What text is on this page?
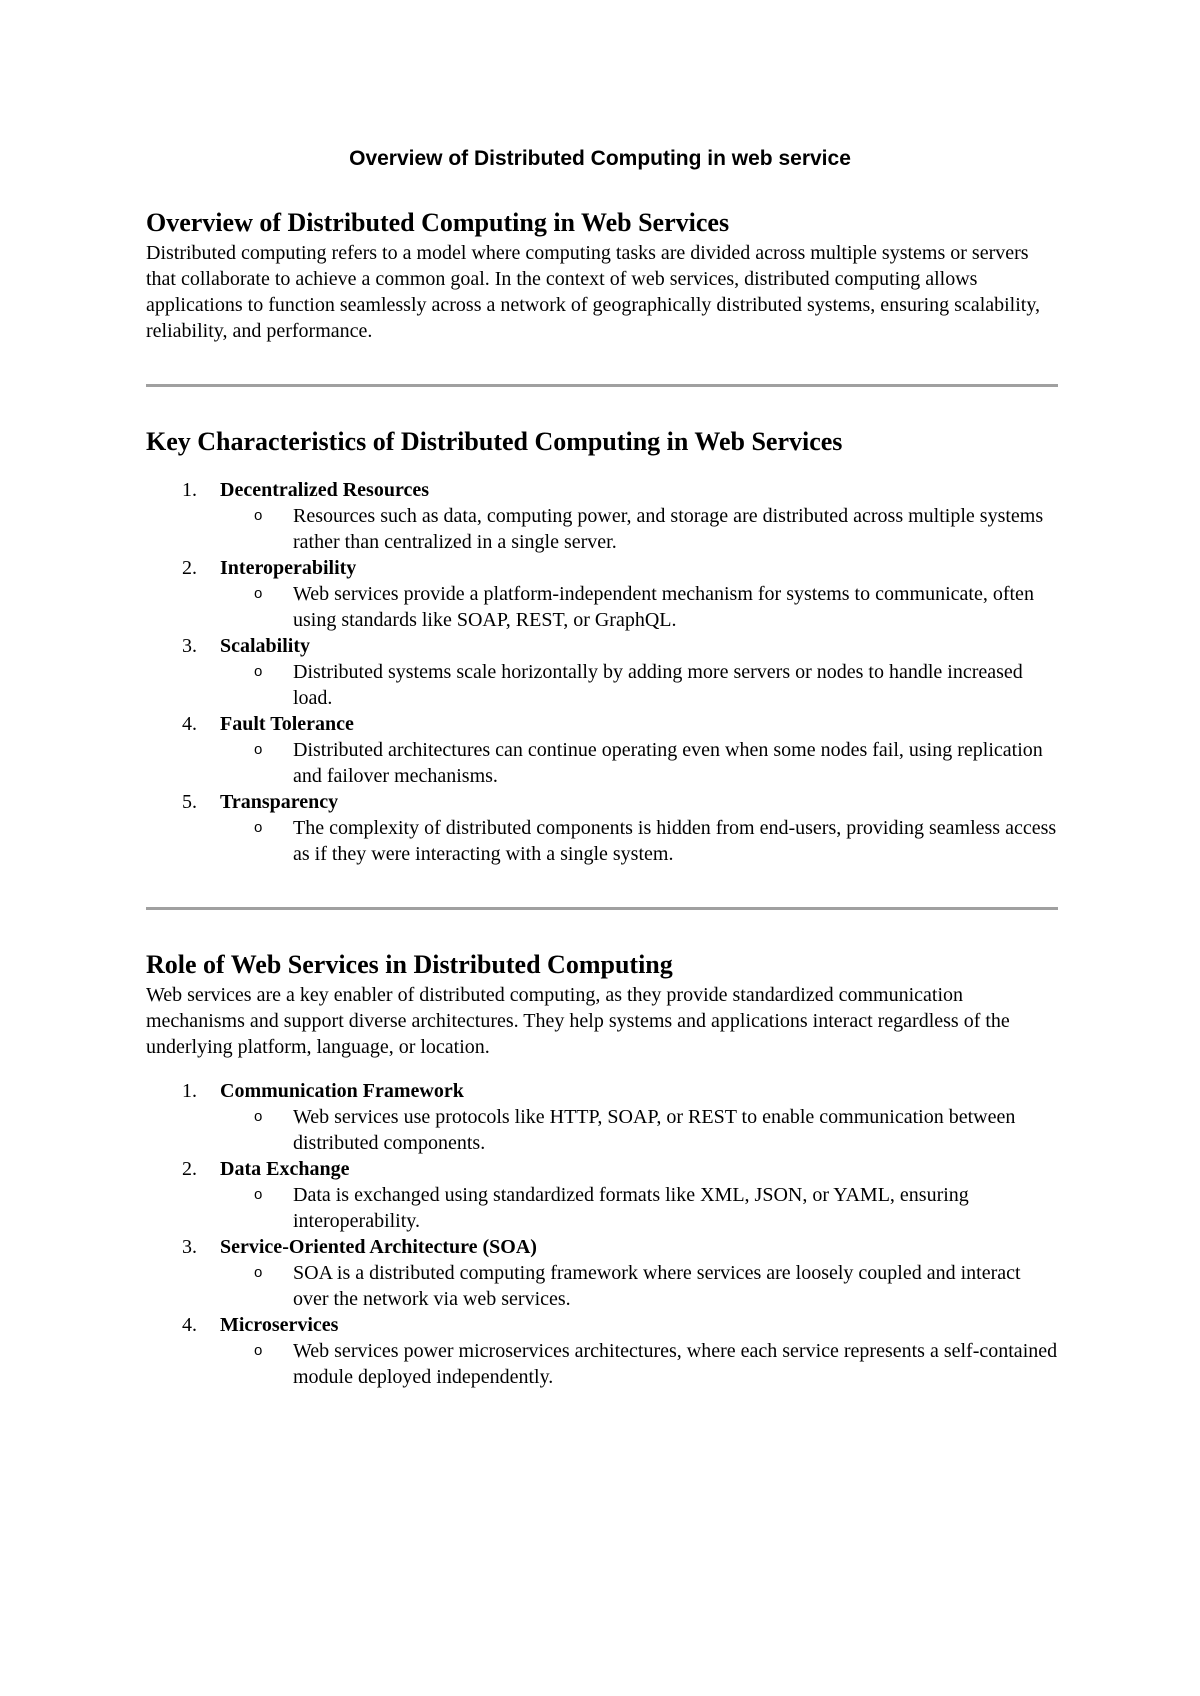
Overview of Distributed Computing in web service
Overview of Distributed Computing in Web Services

Distributed computing refers to a model where computing tasks are divided across multiple systems or servers that collaborate to achieve a common goal. In the context of web services, distributed computing allows applications to function seamlessly across a network of geographically distributed systems, ensuring scalability, reliability, and performance.

Key Characteristics of Distributed Computing in Web Services
1.	Decentralized Resources
o Resources such as data, computing power, and storage are distributed across multiple systems rather than centralized in a single server.
2.	Interoperability
o Web services provide a platform-independent mechanism for systems to communicate, often using standards like SOAP, REST, or GraphQL.
3.	Scalability
o Distributed systems scale horizontally by adding more servers or nodes to handle increased load.
4.	Fault Tolerance
o Distributed architectures can continue operating even when some nodes fail, using replication and failover mechanisms.
5.	Transparency
o The complexity of distributed components is hidden from end-users, providing seamless access as if they were interacting with a single system.
Role of Web Services in Distributed Computing

Web services are a key enabler of distributed computing, as they provide standardized communication mechanisms and support diverse architectures. They help systems and applications interact regardless of the underlying platform, language, or location.

1.	Communication Framework
o Web services use protocols like HTTP, SOAP, or REST to enable communication between distributed components.
2.	Data Exchange
o Data is exchanged using standardized formats like XML, JSON, or YAML, ensuring interoperability.
3.	Service-Oriented Architecture (SOA)
o SOA is a distributed computing framework where services are loosely coupled and interact over the network via web services.
4.	Microservices
o Web services power microservices architectures, where each service represents a self-contained module deployed independently.
